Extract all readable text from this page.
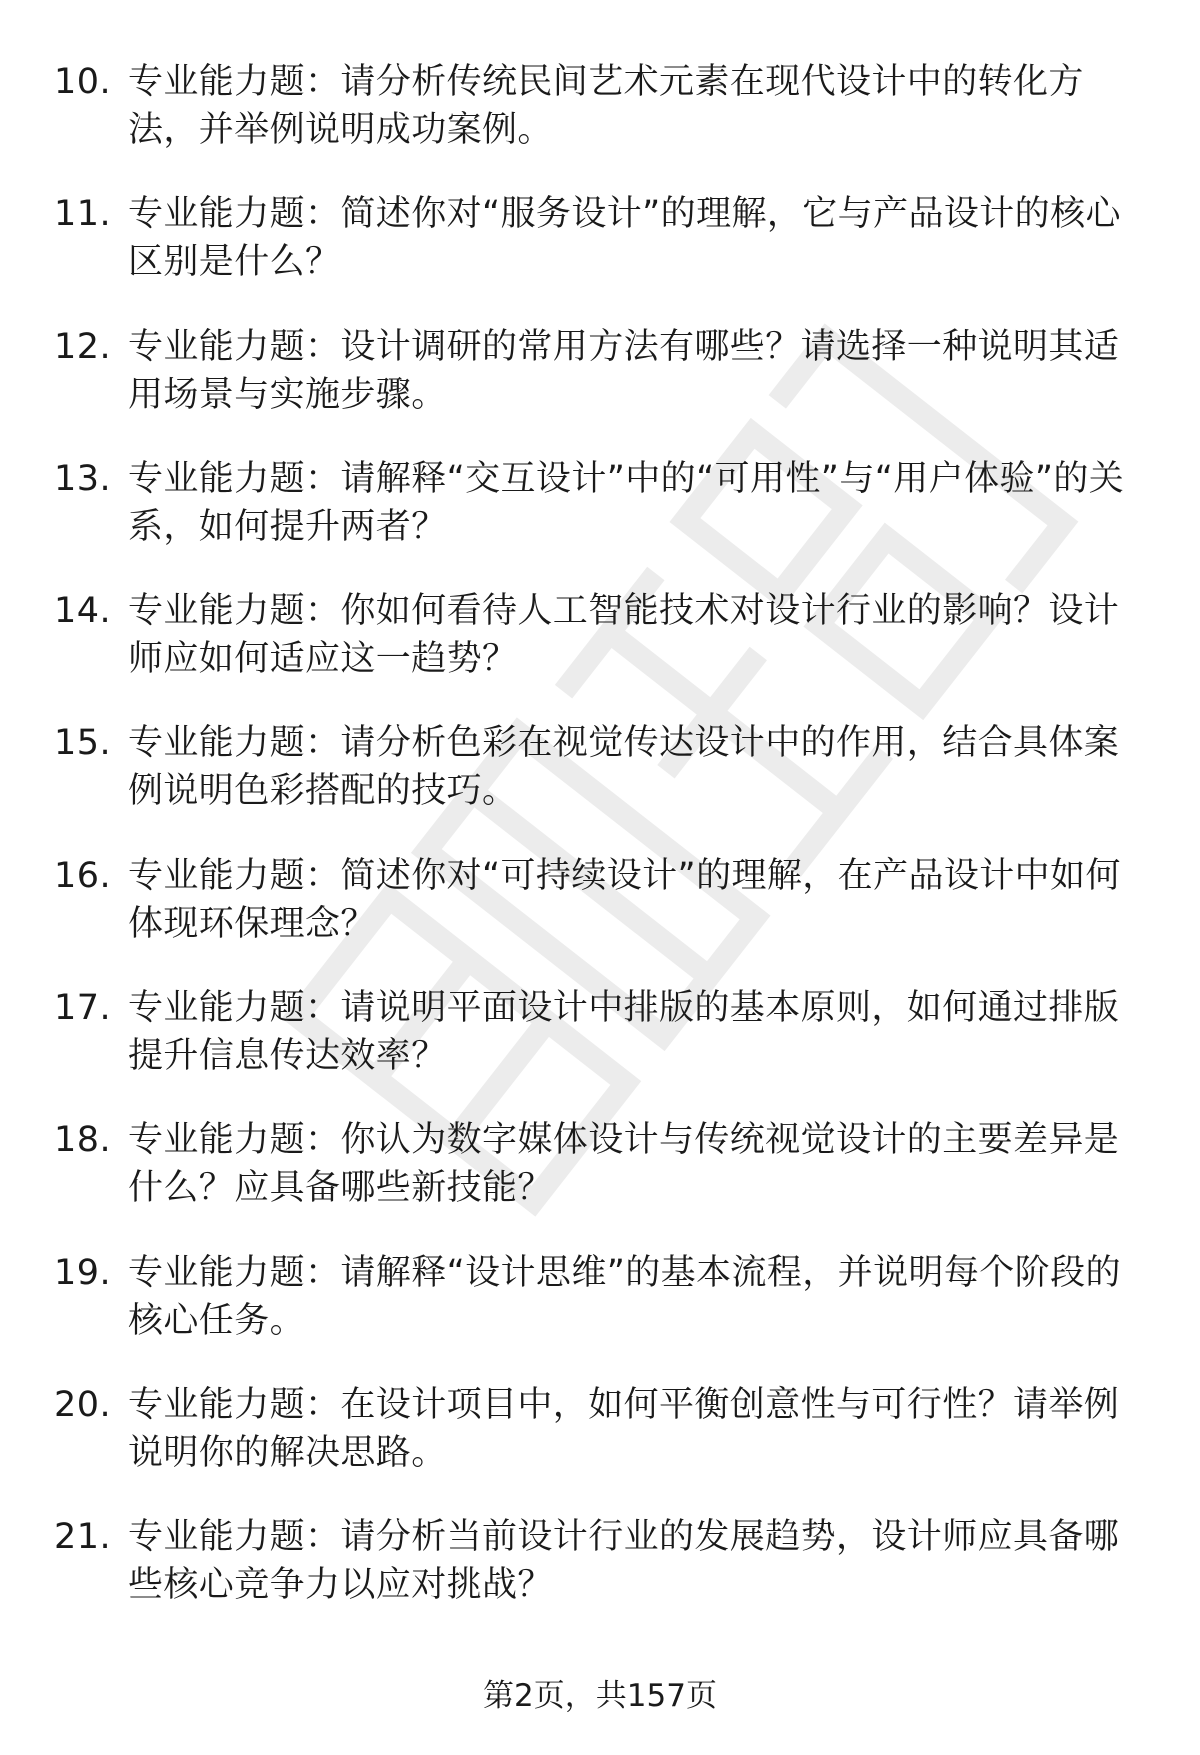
10. 专业能力题：请分析传统民间艺术元素在现代设计中的转化方法，并举例说明成功案例。
11. 专业能力题：简述你对“服务设计”的理解，它与产品设计的核心区别是什么？
12. 专业能力题：设计调研的常用方法有哪些？请选择一种说明其适用场景与实施步骤。
13. 专业能力题：请解释“交互设计”中的“可用性”与“用户体验”的关系，如何提升两者？
14. 专业能力题：你如何看待人工智能技术对设计行业的影响？设计师应如何适应这一趋势？
15. 专业能力题：请分析色彩在视觉传达设计中的作用，结合具体案例说明色彩搭配的技巧。
16. 专业能力题：简述你对“可持续设计”的理解，在产品设计中如何体现环保理念？
17. 专业能力题：请说明平面设计中排版的基本原则，如何通过排版提升信息传达效率？
18. 专业能力题：你认为数字媒体设计与传统视觉设计的主要差异是什么？应具备哪些新技能？
19. 专业能力题：请解释“设计思维”的基本流程，并说明每个阶段的核心任务。
20. 专业能力题：在设计项目中，如何平衡创意性与可行性？请举例说明你的解决思路。
21. 专业能力题：请分析当前设计行业的发展趋势，设计师应具备哪些核心竞争力以应对挑战？
第2页，共157页
